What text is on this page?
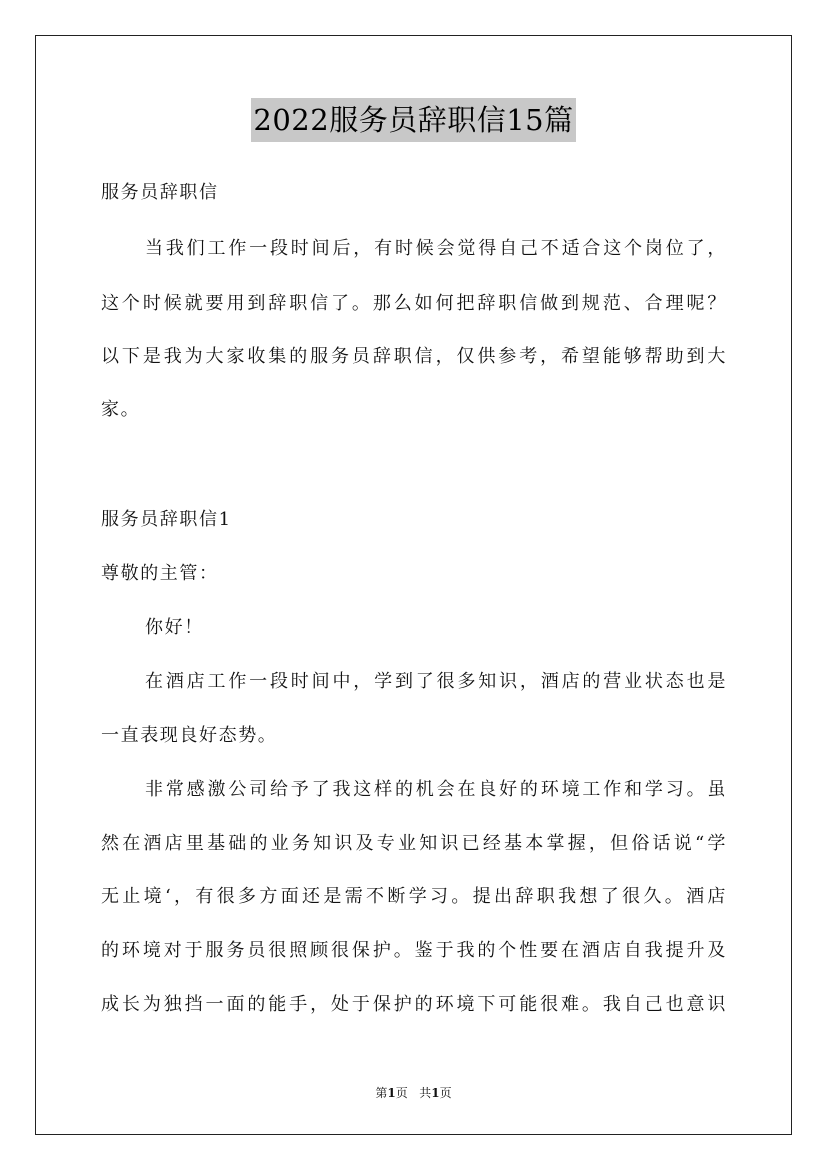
2022服务员辞职信15篇
服务员辞职信
当我们工作一段时间后，有时候会觉得自己不适合这个岗位了，
这个时候就要用到辞职信了。那么如何把辞职信做到规范、合理呢？
以下是我为大家收集的服务员辞职信，仅供参考，希望能够帮助到大
家。
服务员辞职信1
尊敬的主管：
你好！
在酒店工作一段时间中，学到了很多知识，酒店的营业状态也是
一直表现良好态势。
非常感激公司给予了我这样的机会在良好的环境工作和学习。虽
然在酒店里基础的业务知识及专业知识已经基本掌握，但俗话说“学
无止境‘，有很多方面还是需不断学习。提出辞职我想了很久。酒店
的环境对于服务员很照顾很保护。鉴于我的个性要在酒店自我提升及
成长为独挡一面的能手，处于保护的环境下可能很难。我自己也意识
第1页 共1页
